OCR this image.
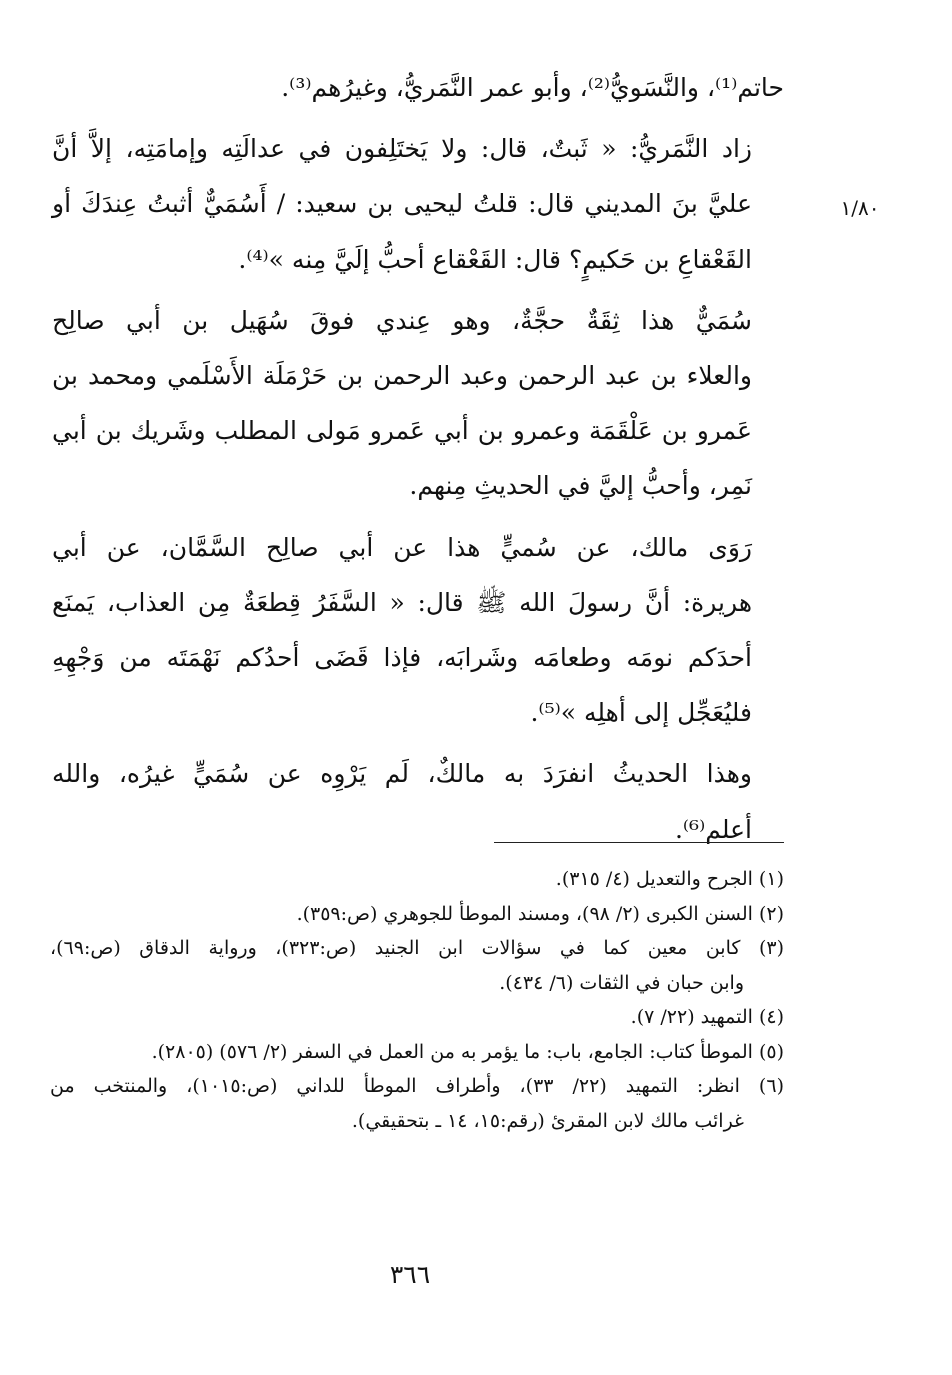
١/٨٠

حاتم⁽¹⁾، والنَّسَويُّ⁽²⁾، وأبو عمر النَّمَريُّ، وغيرُهم⁽³⁾.

زاد النَّمَريُّ: « ثَبتٌ، قال: ولا يَختَلِفون في عدالَتِه وإمامَتِه، إلاَّ أنَّ
عليَّ بنَ المديني قال: قلتُ ليحيى بن سعيد: / أَسُمَيٌّ أثبتُ عِندَكَ أو
القَعْقاعِ بن حَكيمٍ؟ قال: القَعْقاع أحبُّ إلَيَّ مِنه »⁽⁴⁾.

سُمَيٌّ هذا ثِقَةٌ حجَّةٌ، وهو عِندي فوقَ سُهَيل بن أبي صالِح
والعلاء بن عبد الرحمن وعبد الرحمن بن حَرْمَلَة الأَسْلَمي ومحمد بن
عَمرو بن عَلْقَمَة وعمرو بن أبي عَمرو مَولى المطلب وشَريك بن أبي
نَمِر، وأحبُّ إليَّ في الحديثِ مِنهم.

رَوَى مالك، عن سُميٍّ هذا عن أبي صالِح السَّمَّان، عن أبي
هريرة: أنَّ رسولَ الله ﷺ قال: « السَّفَرُ قِطعَةٌ مِن العذاب، يَمنَع
أحدَكم نومَه وطعامَه وشَرابَه، فإذا قَضَى أحدُكم نَهْمَتَه من وَجْهِهِ
فليُعَجِّل إلى أهلِه »⁽⁵⁾.

وهذا الحديثُ انفرَدَ به مالكٌ، لَم يَرْوِه عن سُمَيٍّ غيرُه، والله
أعلم⁽⁶⁾.

(١) الجرح والتعديل (٤/ ٣١٥).
(٢) السنن الكبرى (٢/ ٩٨)، ومسند الموطأ للجوهري (ص:٣٥٩).
(٣) كابن معين كما في سؤالات ابن الجنيد (ص:٣٢٣)، ورواية الدقاق (ص:٦٩)،
وابن حبان في الثقات (٦/ ٤٣٤).
(٤) التمهيد (٢٢/ ٧).
(٥) الموطأ كتاب: الجامع، باب: ما يؤمر به من العمل في السفر (٢/ ٥٧٦) (٢٨٠٥).
(٦) انظر: التمهيد (٢٢/ ٣٣)، وأطراف الموطأ للداني (ص:١٠١٥)، والمنتخب من
غرائب مالك لابن المقرئ (رقم:١٥، ١٤ ـ بتحقيقي).
٣٦٦
